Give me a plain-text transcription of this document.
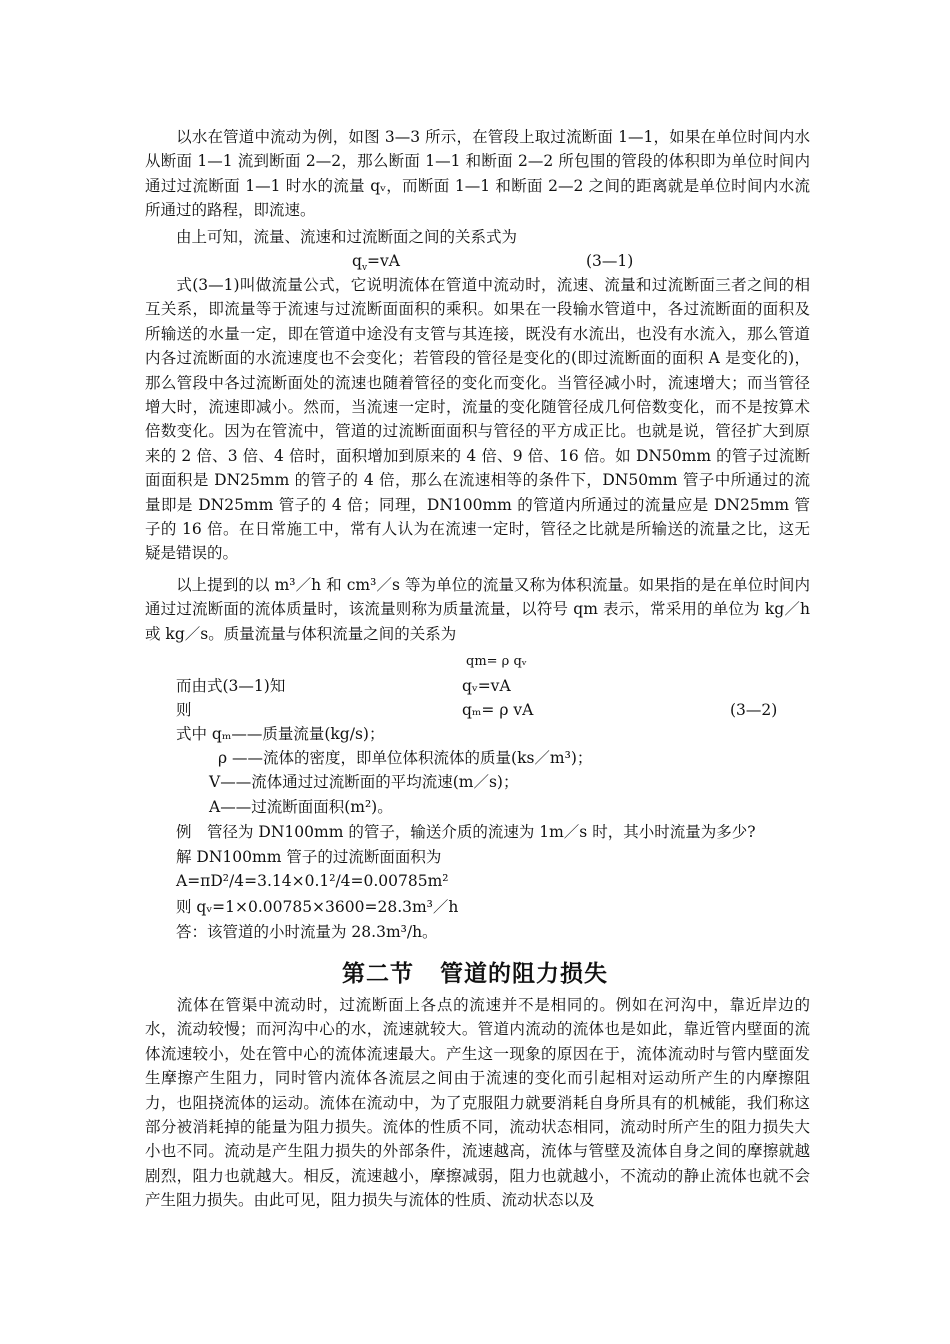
以水在管道中流动为例，如图 3—3 所示，在管段上取过流断面 1—1，如果在单位时间内水从断面 1—1 流到断面 2—2，那么断面 1—1 和断面 2—2 所包围的管段的体积即为单位时间内通过过流断面 1—1 时水的流量 qᵥ，而断面 1—1 和断面 2—2 之间的距离就是单位时间内水流所通过的路程，即流速。

由上可知，流量、流速和过流断面之间的关系式为

$q_v=vA$	(3—1)

式(3—1)叫做流量公式，它说明流体在管道中流动时，流速、流量和过流断面三者之间的相互关系，即流量等于流速与过流断面面积的乘积。如果在一段输水管道中，各过流断面的面积及所输送的水量一定，即在管道中途没有支管与其连接，既没有水流出，也没有水流入，那么管道内各过流断面的水流速度也不会变化；若管段的管径是变化的(即过流断面的面积 A 是变化的)，那么管段中各过流断面处的流速也随着管径的变化而变化。当管径减小时，流速增大；而当管径增大时，流速即减小。然而，当流速一定时，流量的变化随管径成几何倍数变化，而不是按算术倍数变化。因为在管流中，管道的过流断面面积与管径的平方成正比。也就是说，管径扩大到原来的 2 倍、3 倍、4 倍时，面积增加到原来的 4 倍、9 倍、16 倍。如 DN50mm 的管子过流断面面积是 DN25mm 的管子的 4 倍，那么在流速相等的条件下，DN50mm 管子中所通过的流量即是 DN25mm 管子的 4 倍；同理，DN100mm 的管道内所通过的流量应是 DN25mm 管子的 16 倍。在日常施工中，常有人认为在流速一定时，管径之比就是所输送的流量之比，这无疑是错误的。

以上提到的以 m³／h 和 cm³／s 等为单位的流量又称为体积流量。如果指的是在单位时间内通过过流断面的流体质量时，该流量则称为质量流量，以符号 qm 表示，常采用的单位为 kg／h 或 kg／s。质量流量与体积流量之间的关系为

qm= ρ qᵥ
而由式(3—1)知	qᵥ=vA
则	qₘ= ρ vA	(3—2)
式中 qₘ——质量流量(kg/s)；
ρ ——流体的密度，即单位体积流体的质量(ks／m³)；
V——流体通过过流断面的平均流速(m／s)；
A——过流断面面积(m²)。
例　管径为 DN100mm 的管子，输送介质的流速为 1m／s 时，其小时流量为多少?
解 DN100mm 管子的过流断面面积为
A=πD²/4=3.14×0.1²/4=0.00785m²
则 qᵥ=1×0.00785×3600=28.3m³／h
答：该管道的小时流量为 28.3m³/h。
第二节 管道的阻力损失

流体在管渠中流动时，过流断面上各点的流速并不是相同的。例如在河沟中，靠近岸边的水，流动较慢；而河沟中心的水，流速就较大。管道内流动的流体也是如此，靠近管内壁面的流体流速较小，处在管中心的流体流速最大。产生这一现象的原因在于，流体流动时与管内壁面发生摩擦产生阻力，同时管内流体各流层之间由于流速的变化而引起相对运动所产生的内摩擦阻力，也阻挠流体的运动。流体在流动中，为了克服阻力就要消耗自身所具有的机械能，我们称这部分被消耗掉的能量为阻力损失。流体的性质不同，流动状态相同，流动时所产生的阻力损失大小也不同。流动是产生阻力损失的外部条件，流速越高，流体与管壁及流体自身之间的摩擦就越剧烈，阻力也就越大。相反，流速越小，摩擦减弱，阻力也就越小，不流动的静止流体也就不会产生阻力损失。由此可见，阻力损失与流体的性质、流动状态以及
